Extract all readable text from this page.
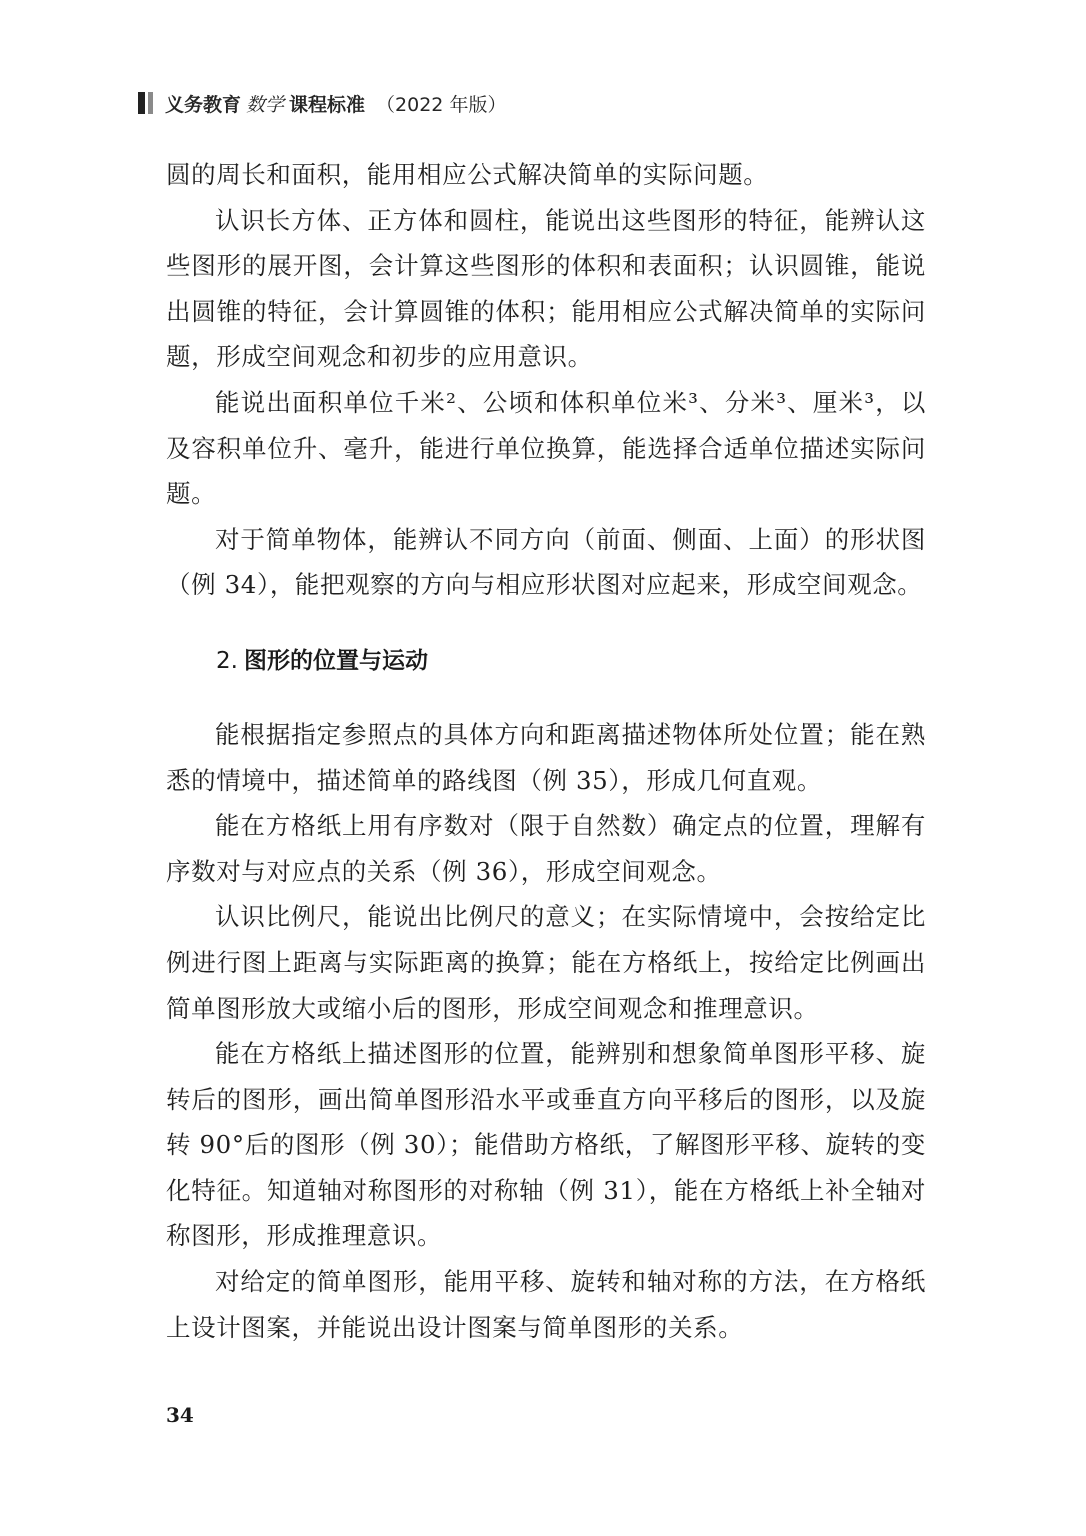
义务教育 数学 课程标准 （2022 年版）

圆的周长和面积，能用相应公式解决简单的实际问题。

认识长方体、正方体和圆柱，能说出这些图形的特征，能辨认这些图形的展开图，会计算这些图形的体积和表面积；认识圆锥，能说出圆锥的特征，会计算圆锥的体积；能用相应公式解决简单的实际问题，形成空间观念和初步的应用意识。

能说出面积单位千米²、公顷和体积单位米³、分米³、厘米³，以及容积单位升、毫升，能进行单位换算，能选择合适单位描述实际问题。

对于简单物体，能辨认不同方向（前面、侧面、上面）的形状图（例 34），能把观察的方向与相应形状图对应起来，形成空间观念。

2. 图形的位置与运动

能根据指定参照点的具体方向和距离描述物体所处位置；能在熟悉的情境中，描述简单的路线图（例 35），形成几何直观。

能在方格纸上用有序数对（限于自然数）确定点的位置，理解有序数对与对应点的关系（例 36），形成空间观念。

认识比例尺，能说出比例尺的意义；在实际情境中，会按给定比例进行图上距离与实际距离的换算；能在方格纸上，按给定比例画出简单图形放大或缩小后的图形，形成空间观念和推理意识。

能在方格纸上描述图形的位置，能辨别和想象简单图形平移、旋转后的图形，画出简单图形沿水平或垂直方向平移后的图形，以及旋转 90°后的图形（例 30）；能借助方格纸，了解图形平移、旋转的变化特征。知道轴对称图形的对称轴（例 31），能在方格纸上补全轴对称图形，形成推理意识。

对给定的简单图形，能用平移、旋转和轴对称的方法，在方格纸上设计图案，并能说出设计图案与简单图形的关系。

34
